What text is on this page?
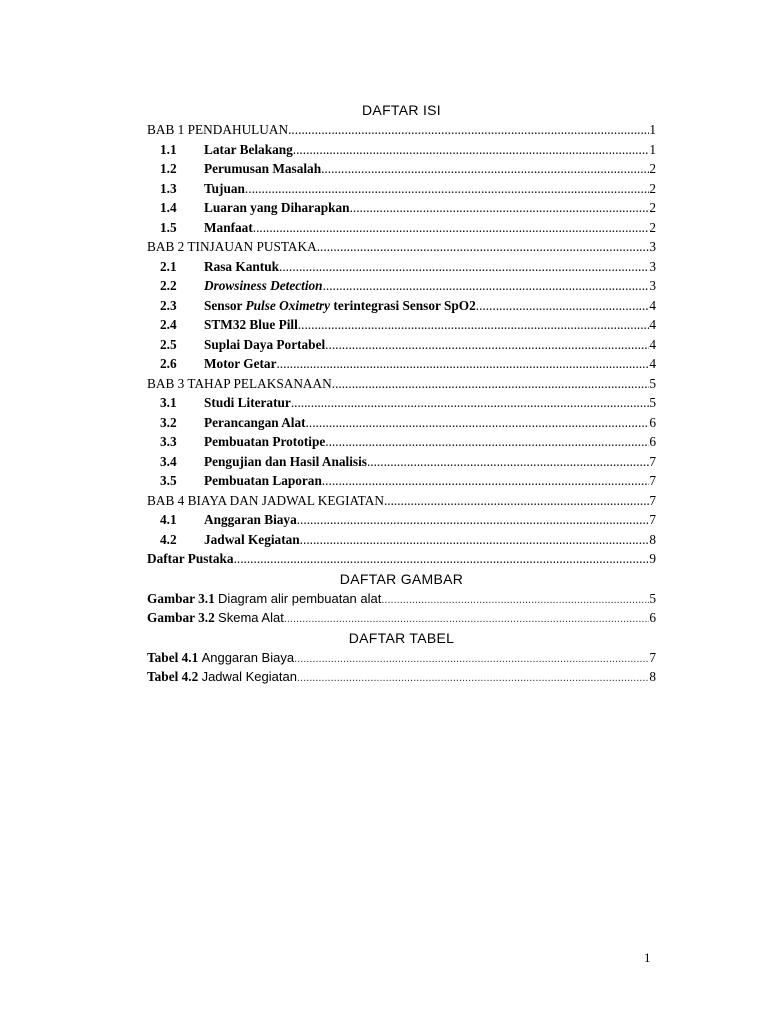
DAFTAR ISI
BAB 1 PENDAHULUAN .....	1
1.1	Latar Belakang .....	1
1.2	Perumusan Masalah .....	2
1.3	Tujuan .....	2
1.4	Luaran yang Diharapkan .....	2
1.5	Manfaat .....	2
BAB 2 TINJAUAN PUSTAKA .....	3
2.1	Rasa Kantuk .....	3
2.2	Drowsiness Detection .....	3
2.3	Sensor Pulse Oximetry terintegrasi Sensor SpO2 .....	4
2.4	STM32 Blue Pill .....	4
2.5	Suplai Daya Portabel .....	4
2.6	Motor Getar .....	4
BAB 3 TAHAP PELAKSANAAN .....	5
3.1	Studi Literatur .....	5
3.2	Perancangan Alat .....	6
3.3	Pembuatan Prototipe .....	6
3.4	Pengujian dan Hasil Analisis .....	7
3.5	Pembuatan Laporan .....	7
BAB 4 BIAYA DAN JADWAL KEGIATAN .....	7
4.1	Anggaran Biaya .....	7
4.2	Jadwal Kegiatan .....	8
Daftar Pustaka .....	9
DAFTAR GAMBAR
Gambar 3.1 Diagram alir pembuatan alat .....	5
Gambar 3.2 Skema Alat .....	6
DAFTAR TABEL
Tabel 4.1 Anggaran Biaya .....	7
Tabel 4.2 Jadwal Kegiatan .....	8
1
